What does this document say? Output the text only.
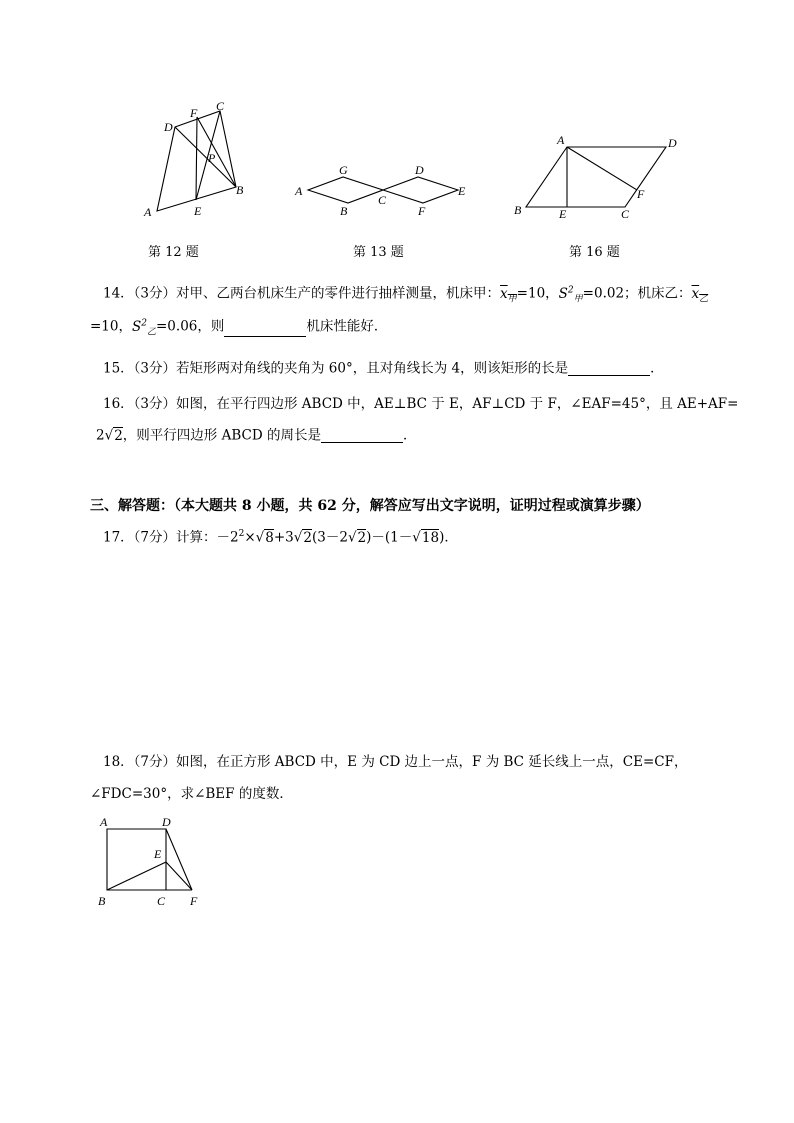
D
F C
P
B
A	E
第 12 题
G	D
A
C
E
B	F
第 13 题
A	D
F
B	E	C
第 16 题
14．（3分）对甲、乙两台机床生产的零件进行抽样测量，机床甲：$x_甲=10$，$S^2_甲=0.02$；机床乙：$x_乙$
=10，$S^2_乙=0.06$，则	机床性能好．
15．（3分）若矩形两对角线的夹角为 60°，且对角线长为 4，则该矩形的长是	．
16．（3分）如图，在平行四边形 ABCD 中，AE⊥BC 于 E，AF⊥CD 于 F，∠EAF=45°，且 AE+AF=
2√2，则平行四边形 ABCD 的周长是	．
三、解答题：（本大题共 8 小题，共 62 分，解答应写出文字说明，证明过程或演算步骤）
17．（7分）计算：$-2^2\times√8+3√2(3-2√2)-(1-√18)$．
18．（7分）如图，在正方形 ABCD 中，E 为 CD 边上一点，F 为 BC 延长线上一点，CE=CF，
∠FDC=30°，求∠BEF 的度数．
A	D
E
B	C F
